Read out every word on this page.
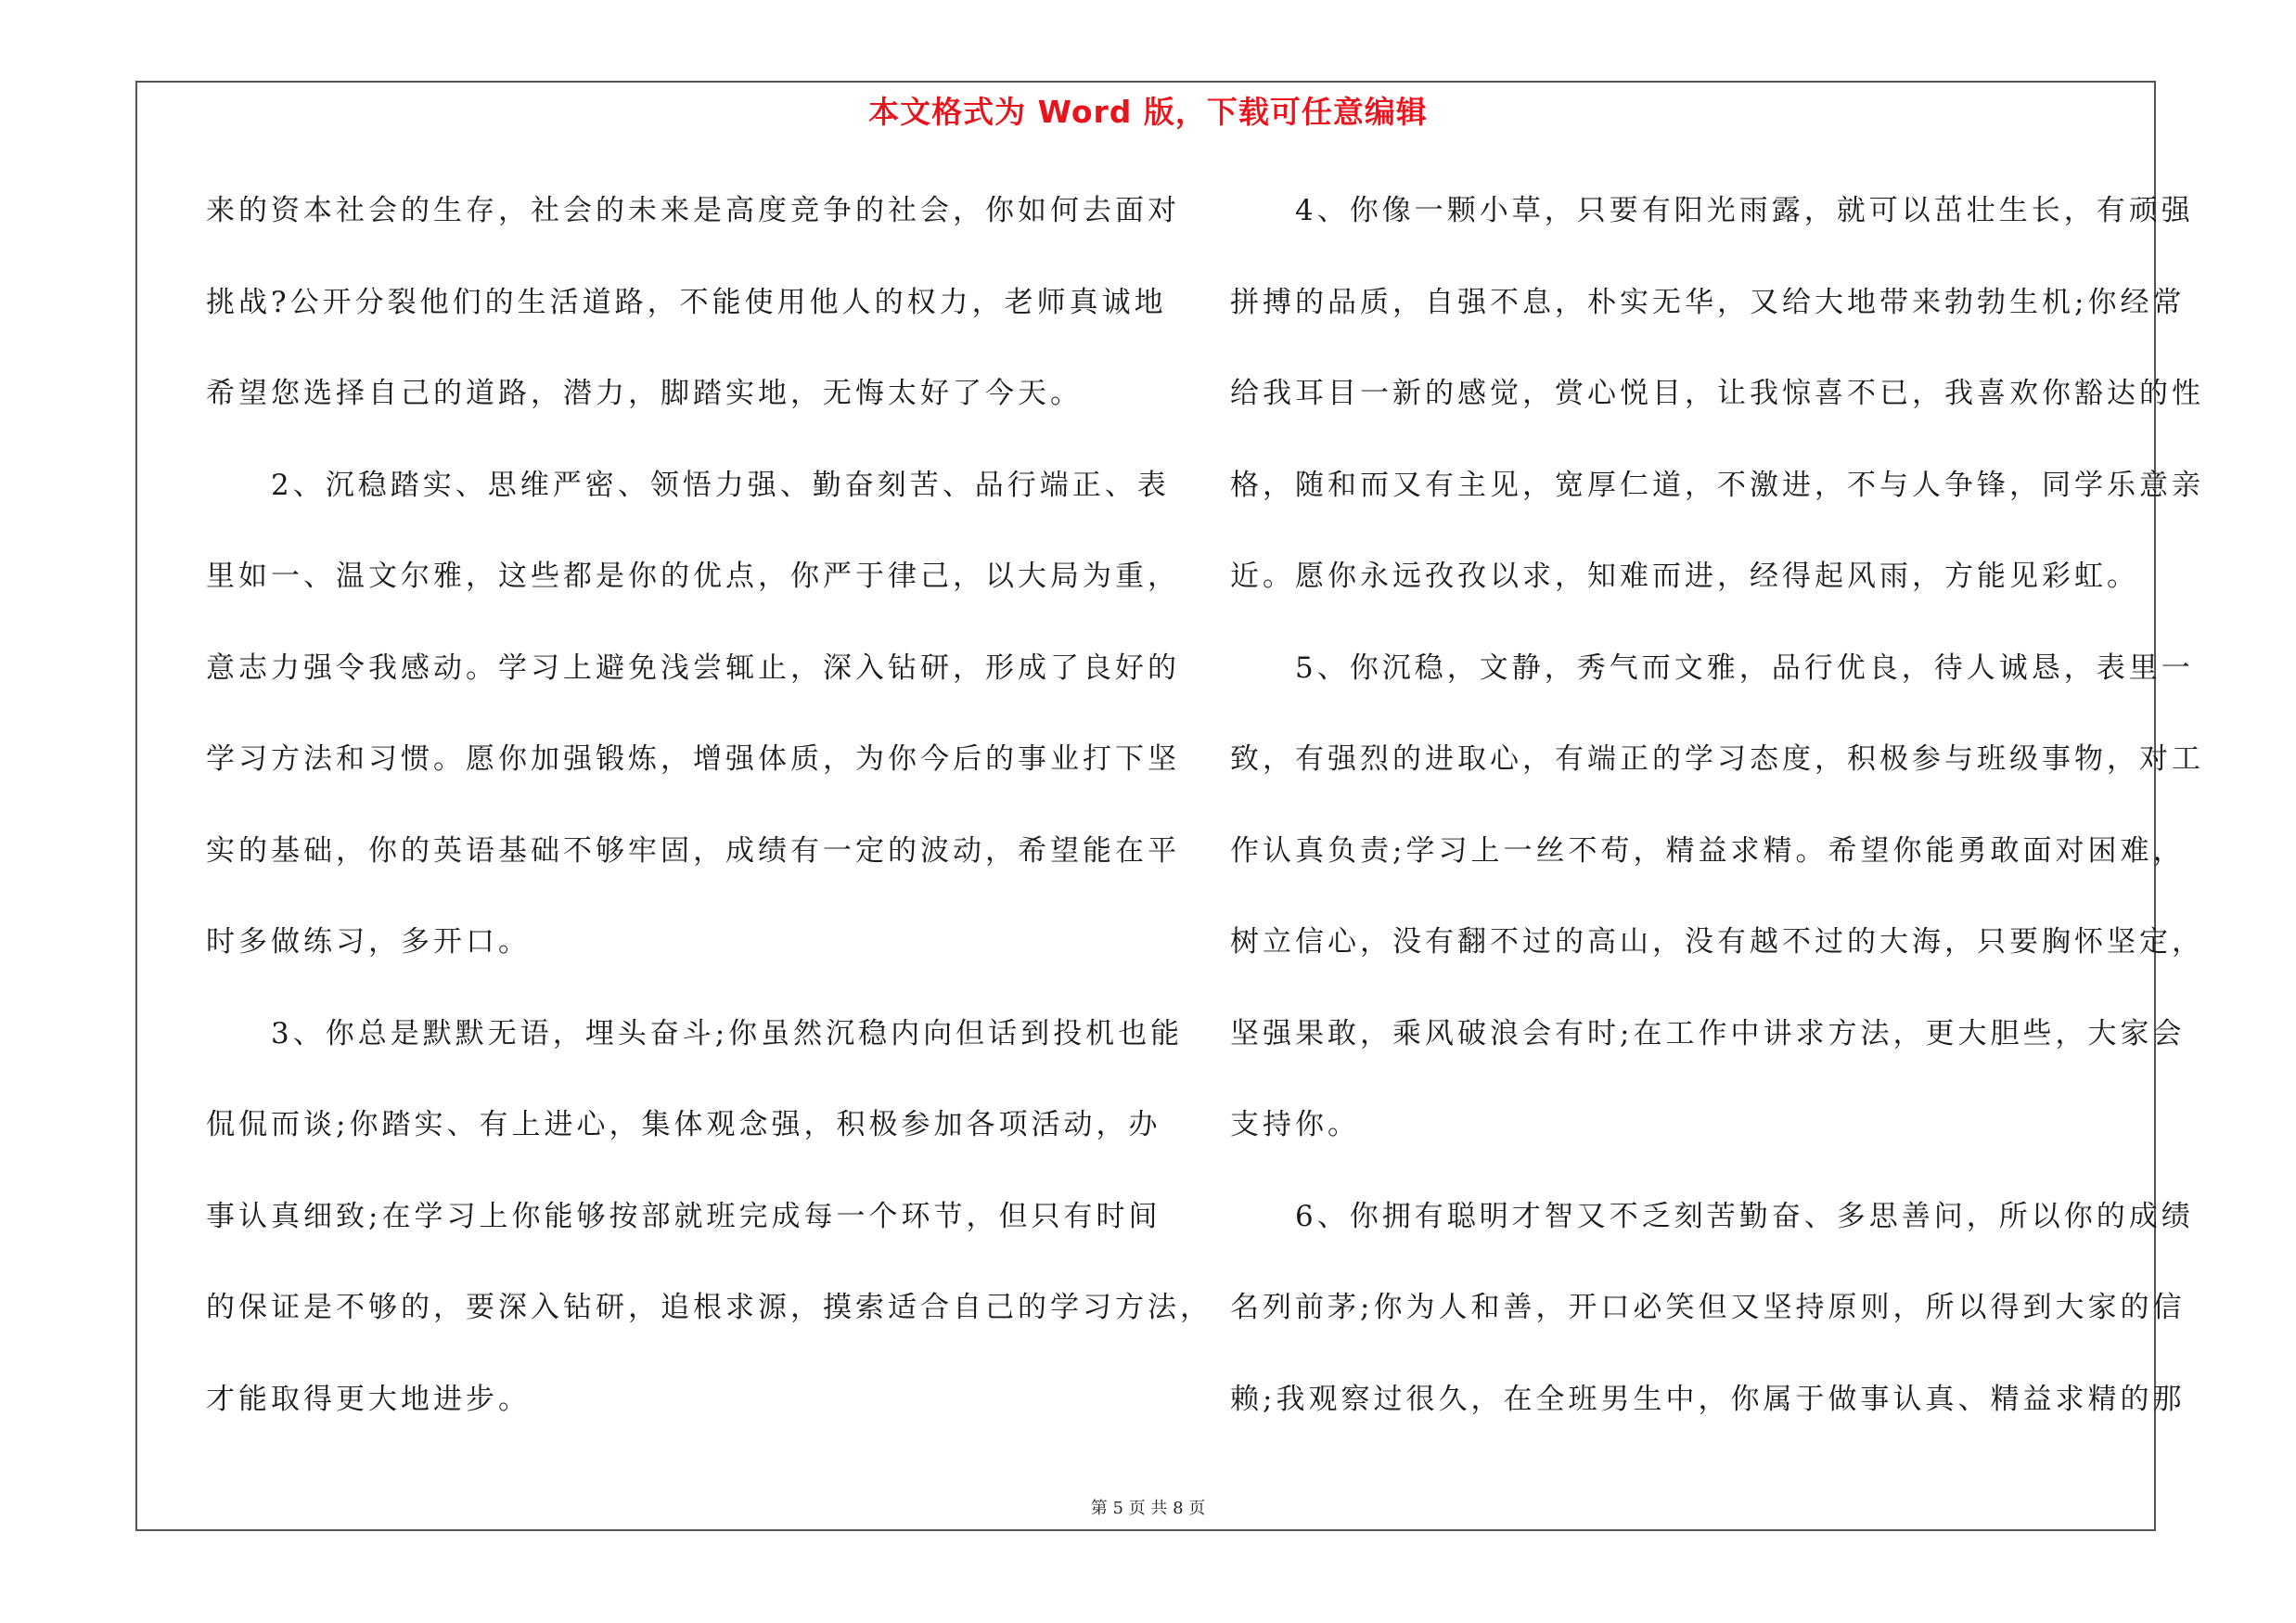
本文格式为 Word 版，下载可任意编辑
来的资本社会的生存，社会的未来是高度竞争的社会，你如何去面对
挑战?公开分裂他们的生活道路，不能使用他人的权力，老师真诚地
希望您选择自己的道路，潜力，脚踏实地，无悔太好了今天。
　　2、沉稳踏实、思维严密、领悟力强、勤奋刻苦、品行端正、表
里如一、温文尔雅，这些都是你的优点，你严于律己，以大局为重，
意志力强令我感动。学习上避免浅尝辄止，深入钻研，形成了良好的
学习方法和习惯。愿你加强锻炼，增强体质，为你今后的事业打下坚
实的基础，你的英语基础不够牢固，成绩有一定的波动，希望能在平
时多做练习，多开口。
　　3、你总是默默无语，埋头奋斗;你虽然沉稳内向但话到投机也能
侃侃而谈;你踏实、有上进心，集体观念强，积极参加各项活动，办
事认真细致;在学习上你能够按部就班完成每一个环节，但只有时间
的保证是不够的，要深入钻研，追根求源，摸索适合自己的学习方法，
才能取得更大地进步。
　　4、你像一颗小草，只要有阳光雨露，就可以茁壮生长，有顽强
拼搏的品质，自强不息，朴实无华，又给大地带来勃勃生机;你经常
给我耳目一新的感觉，赏心悦目，让我惊喜不已，我喜欢你豁达的性
格，随和而又有主见，宽厚仁道，不激进，不与人争锋，同学乐意亲
近。愿你永远孜孜以求，知难而进，经得起风雨，方能见彩虹。
　　5、你沉稳，文静，秀气而文雅，品行优良，待人诚恳，表里一
致，有强烈的进取心，有端正的学习态度，积极参与班级事物，对工
作认真负责;学习上一丝不苟，精益求精。希望你能勇敢面对困难，
树立信心，没有翻不过的高山，没有越不过的大海，只要胸怀坚定，
坚强果敢，乘风破浪会有时;在工作中讲求方法，更大胆些，大家会
支持你。
　　6、你拥有聪明才智又不乏刻苦勤奋、多思善问，所以你的成绩
名列前茅;你为人和善，开口必笑但又坚持原则，所以得到大家的信
赖;我观察过很久，在全班男生中，你属于做事认真、精益求精的那
第 5 页 共 8 页
